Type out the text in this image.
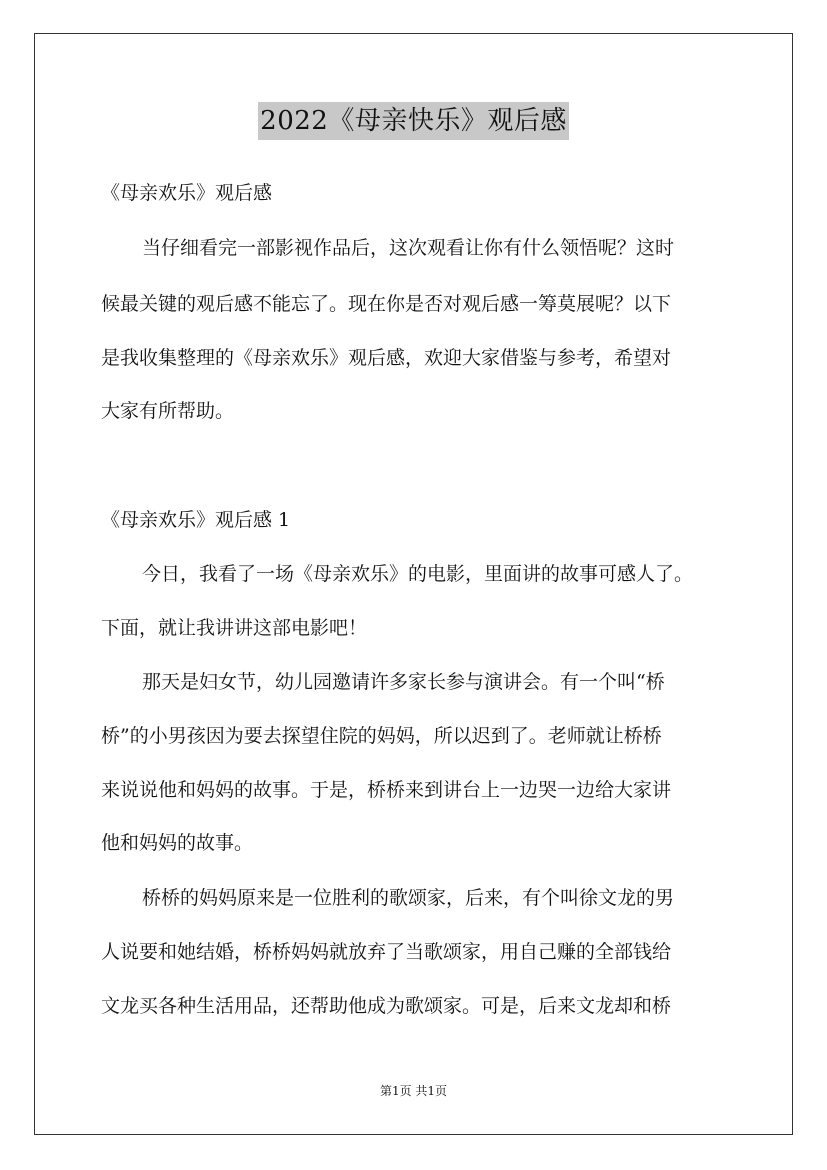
2022《母亲快乐》观后感
《母亲欢乐》观后感
当仔细看完一部影视作品后，这次观看让你有什么领悟呢？这时
候最关键的观后感不能忘了。现在你是否对观后感一筹莫展呢？以下
是我收集整理的《母亲欢乐》观后感，欢迎大家借鉴与参考，希望对
大家有所帮助。
《母亲欢乐》观后感 1
今日，我看了一场《母亲欢乐》的电影，里面讲的故事可感人了。
下面，就让我讲讲这部电影吧！
那天是妇女节，幼儿园邀请许多家长参与演讲会。有一个叫“桥
桥”的小男孩因为要去探望住院的妈妈，所以迟到了。老师就让桥桥
来说说他和妈妈的故事。于是，桥桥来到讲台上一边哭一边给大家讲
他和妈妈的故事。
桥桥的妈妈原来是一位胜利的歌颂家，后来，有个叫徐文龙的男
人说要和她结婚，桥桥妈妈就放弃了当歌颂家，用自己赚的全部钱给
文龙买各种生活用品，还帮助他成为歌颂家。可是，后来文龙却和桥
第1页 共1页
